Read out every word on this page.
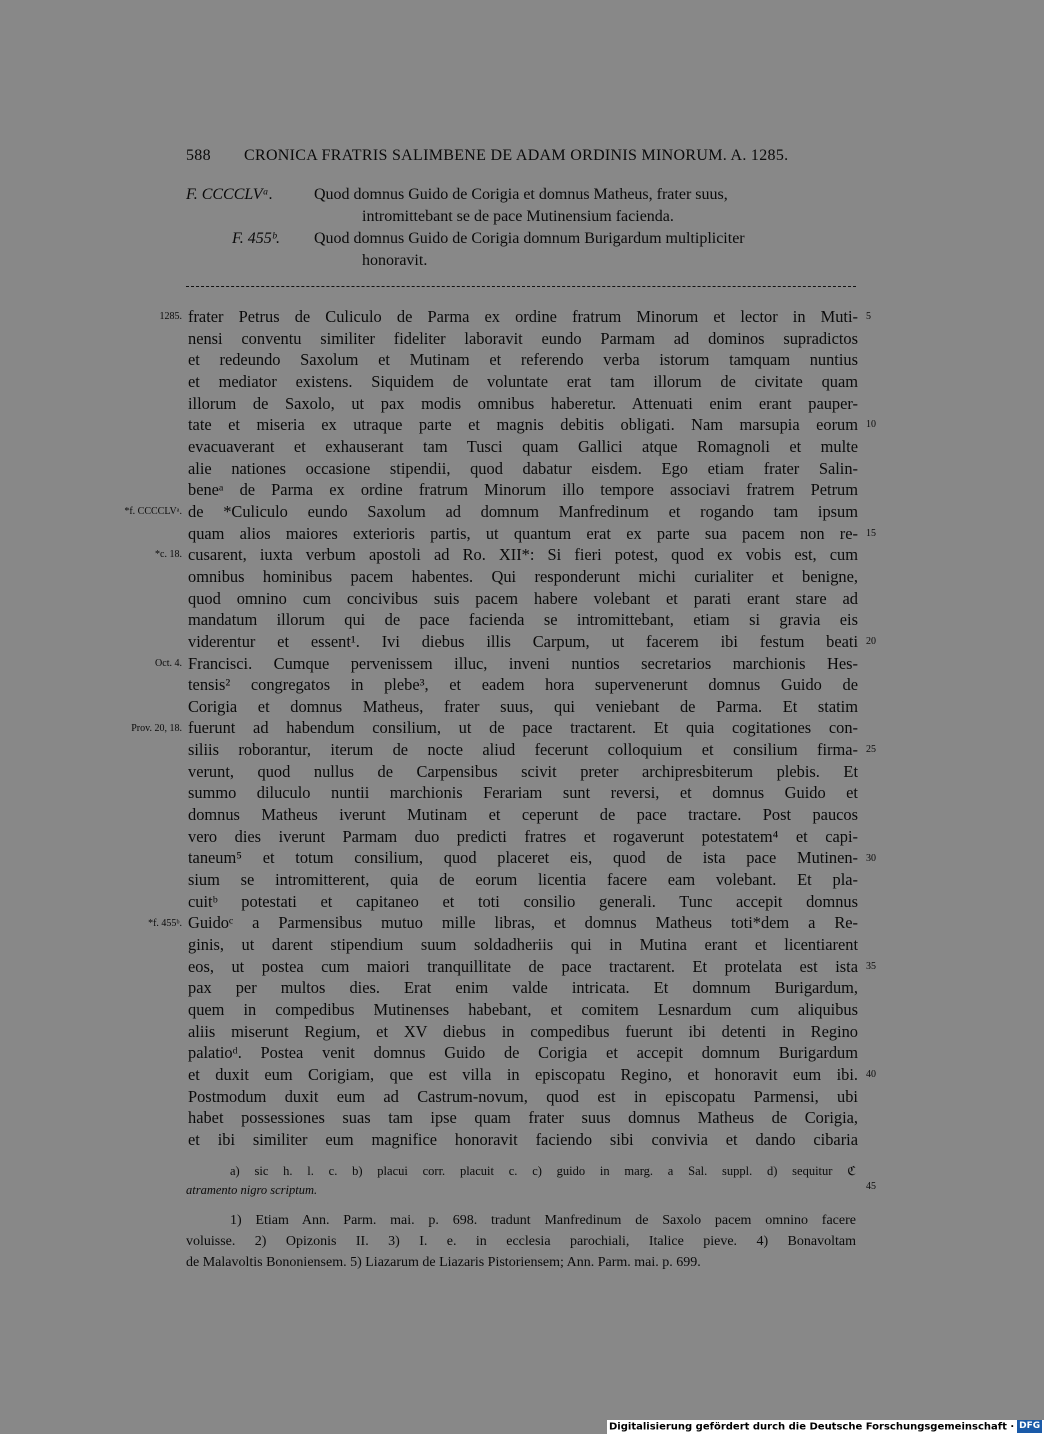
588 CRONICA FRATRIS SALIMBENE DE ADAM ORDINIS MINORUM. A. 1285.
F. CCCCLVᵃ.	Quod domnus Guido de Corigia et domnus Matheus, frater suus,
intromittebant se de pace Mutinensium facienda.
F. 455ᵇ. Quod domnus Guido de Corigia domnum Burigardum multipliciter
honoravit.
frater Petrus de Culiculo de Parma ex ordine fratrum Minorum et lector in Muti-
nensi conventu similiter fideliter laboravit eundo Parmam ad dominos supradictos
et redeundo Saxolum et Mutinam et referendo verba istorum tamquam nuntius
et mediator existens. Siquidem de voluntate erat tam illorum de civitate quam
illorum de Saxolo, ut pax modis omnibus haberetur. Attenuati enim erant pauper-
tate et miseria ex utraque parte et magnis debitis obligati. Nam marsupia eorum
evacuaverant et exhauserant tam Tusci quam Gallici atque Romagnoli et multe
alie nationes occasione stipendii, quod dabatur eisdem. Ego etiam frater Salin-
beneᵃ de Parma ex ordine fratrum Minorum illo tempore associavi fratrem Petrum
de *Culiculo eundo Saxolum ad domnum Manfredinum et rogando tam ipsum
quam alios maiores exterioris partis, ut quantum erat ex parte sua pacem non re-
cusarent, iuxta verbum apostoli ad Ro. XII*: Si fieri potest, quod ex vobis est, cum
omnibus hominibus pacem habentes. Qui responderunt michi curialiter et benigne,
quod omnino cum concivibus suis pacem habere volebant et parati erant stare ad
mandatum illorum qui de pace facienda se intromittebant, etiam si gravia eis
viderentur et essent¹. Ivi diebus illis Carpum, ut facerem ibi festum beati
Francisci. Cumque pervenissem illuc, inveni nuntios secretarios marchionis Hes-
tensis² congregatos in plebe³, et eadem hora supervenerunt domnus Guido de
Corigia et domnus Matheus, frater suus, qui veniebant de Parma. Et statim
fuerunt ad habendum consilium, ut de pace tractarent. Et quia cogitationes con-
siliis roborantur, iterum de nocte aliud fecerunt colloquium et consilium firma-
verunt, quod nullus de Carpensibus scivit preter archipresbiterum plebis. Et
summo diluculo nuntii marchionis Ferariam sunt reversi, et domnus Guido et
domnus Matheus iverunt Mutinam et ceperunt de pace tractare. Post paucos
vero dies iverunt Parmam duo predicti fratres et rogaverunt potestatem⁴ et capi-
taneum⁵ et totum consilium, quod placeret eis, quod de ista pace Mutinen-
sium se intromitterent, quia de eorum licentia facere eam volebant. Et pla-
cuitᵇ potestati et capitaneo et toti consilio generali. Tunc accepit domnus
Guidoᶜ a Parmensibus mutuo mille libras, et domnus Matheus toti*dem a Re-
ginis, ut darent stipendium suum soldadheriis qui in Mutina erant et licentiarent
eos, ut postea cum maiori tranquillitate de pace tractarent. Et protelata est ista
pax per multos dies. Erat enim valde intricata. Et domnum Burigardum,
quem in compedibus Mutinenses habebant, et comitem Lesnardum cum aliquibus
aliis miserunt Regium, et XV diebus in compedibus fuerunt ibi detenti in Regino
palatioᵈ. Postea venit domnus Guido de Corigia et accepit domnum Burigardum
et duxit eum Corigiam, que est villa in episcopatu Regino, et honoravit eum ibi.
Postmodum duxit eum ad Castrum-novum, quod est in episcopatu Parmensi, ubi
habet possessiones suas tam ipse quam frater suus domnus Matheus de Corigia,
et ibi similiter eum magnifice honoravit faciendo sibi convivia et dando cibaria
1285.
*f. CCCCLVᵃ.
*c. 18.
Oct. 4.
Prov. 20, 18.
*f. 455ᵇ.
5
10
15
20
25
30
35
40
a) sic h. l. c. b) placui corr. placuit c. c) guido in marg. a Sal. suppl. d) sequitur ℭ
atramento nigro scriptum.	45
1) Etiam Ann. Parm. mai. p. 698. tradunt Manfredinum de Saxolo pacem omnino facere
voluisse. 2) Opizonis II. 3) I. e. in ecclesia parochiali, Italice pieve. 4) Bonavoltam
de Malavoltis Bononiensem. 5) Liazarum de Liazaris Pistoriensem; Ann. Parm. mai. p. 699.
Digitalisierung gefördert durch die Deutsche Forschungsgemeinschaft · DFG
